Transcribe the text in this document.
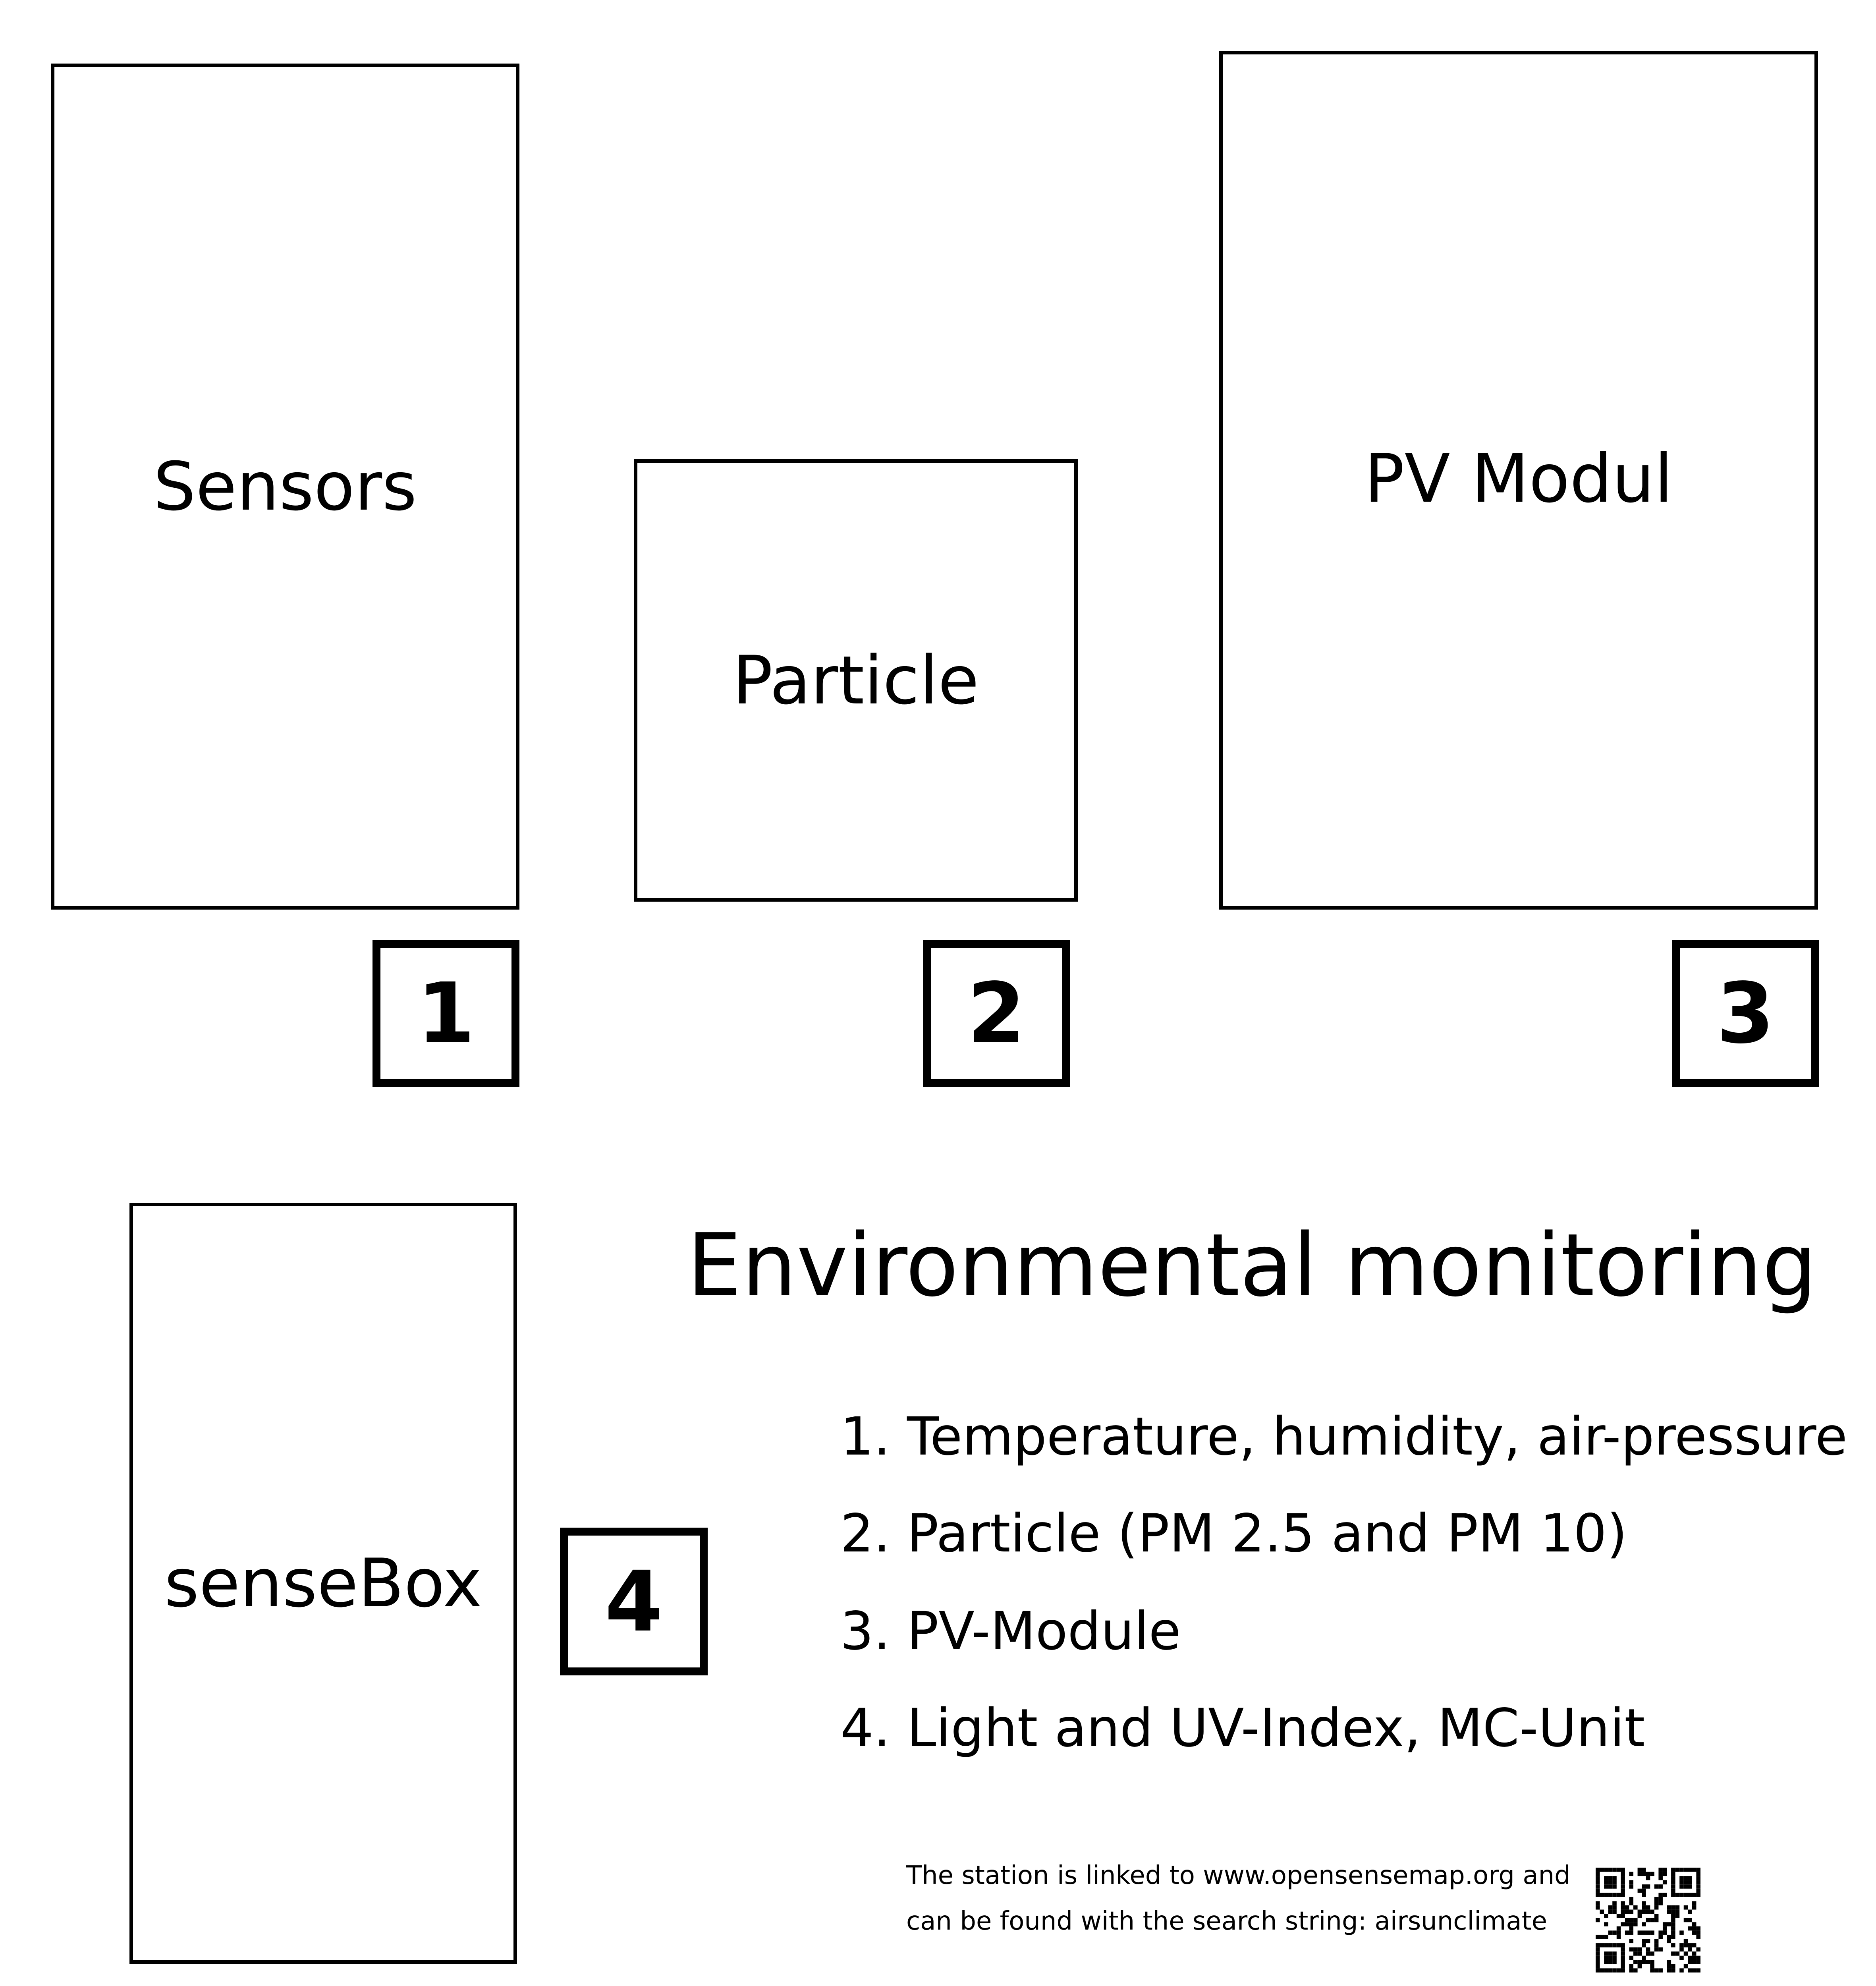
Sensors
Particle
PV Modul
1	2	3
senseBox 4
Environmental monitoring
1. Temperature, humidity, air-pressure
2. Particle (PM 2.5 and PM 10)
3. PV-Module
4. Light and UV-Index, MC-Unit
The station is linked to www.opensensemap.org and
can be found with the search string: airsunclimate
